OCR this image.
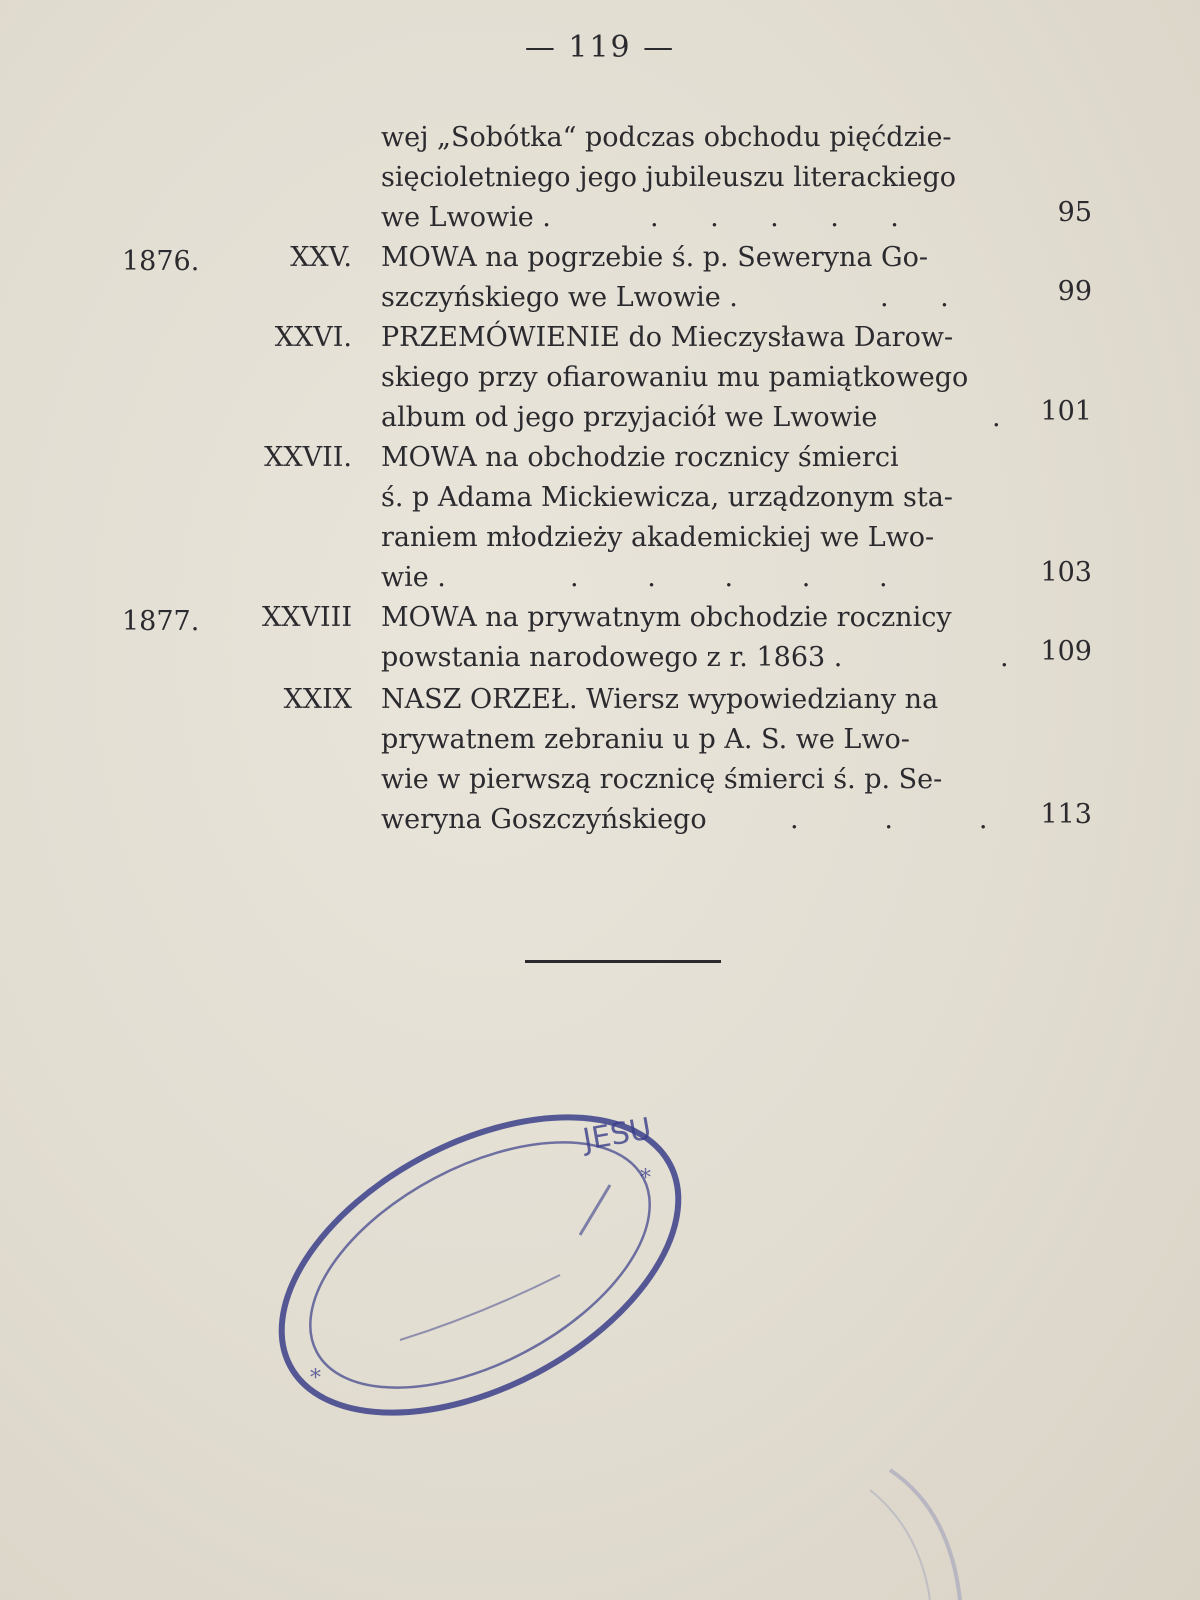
— 119 —
wej „Sobótka“ podczas obchodu pięćdzie-
sięcioletniego jego jubileuszu literackiego
we Lwowie .	.      .      .      .      .	95
1876.	XXV. MOWA na pogrzebie ś. p. Seweryna Go-
szczyńskiego we Lwowie .	.      .	99
XXVI. PRZEMÓWIENIE do Mieczysława Darow-
skiego przy ofiarowaniu mu pamiątkowego
album od jego przyjaciół we Lwowie	.	101
XXVII. MOWA na obchodzie rocznicy śmierci
ś. p Adama Mickiewicza, urządzonym sta-
raniem młodzieży akademickiej we Lwo-
wie .	.        .        .        .        .	103
1877.	XXVIII MOWA na prywatnym obchodzie rocznicy
powstania narodowego z r. 1863 .	.	109
XXIX NASZ ORZEŁ. Wiersz wypowiedziany na
prywatnem zebraniu u p A. S. we Lwo-
wie w pierwszą rocznicę śmierci ś. p. Se-
weryna Goszczyńskiego	.          .          .	113
JESU
*
*
